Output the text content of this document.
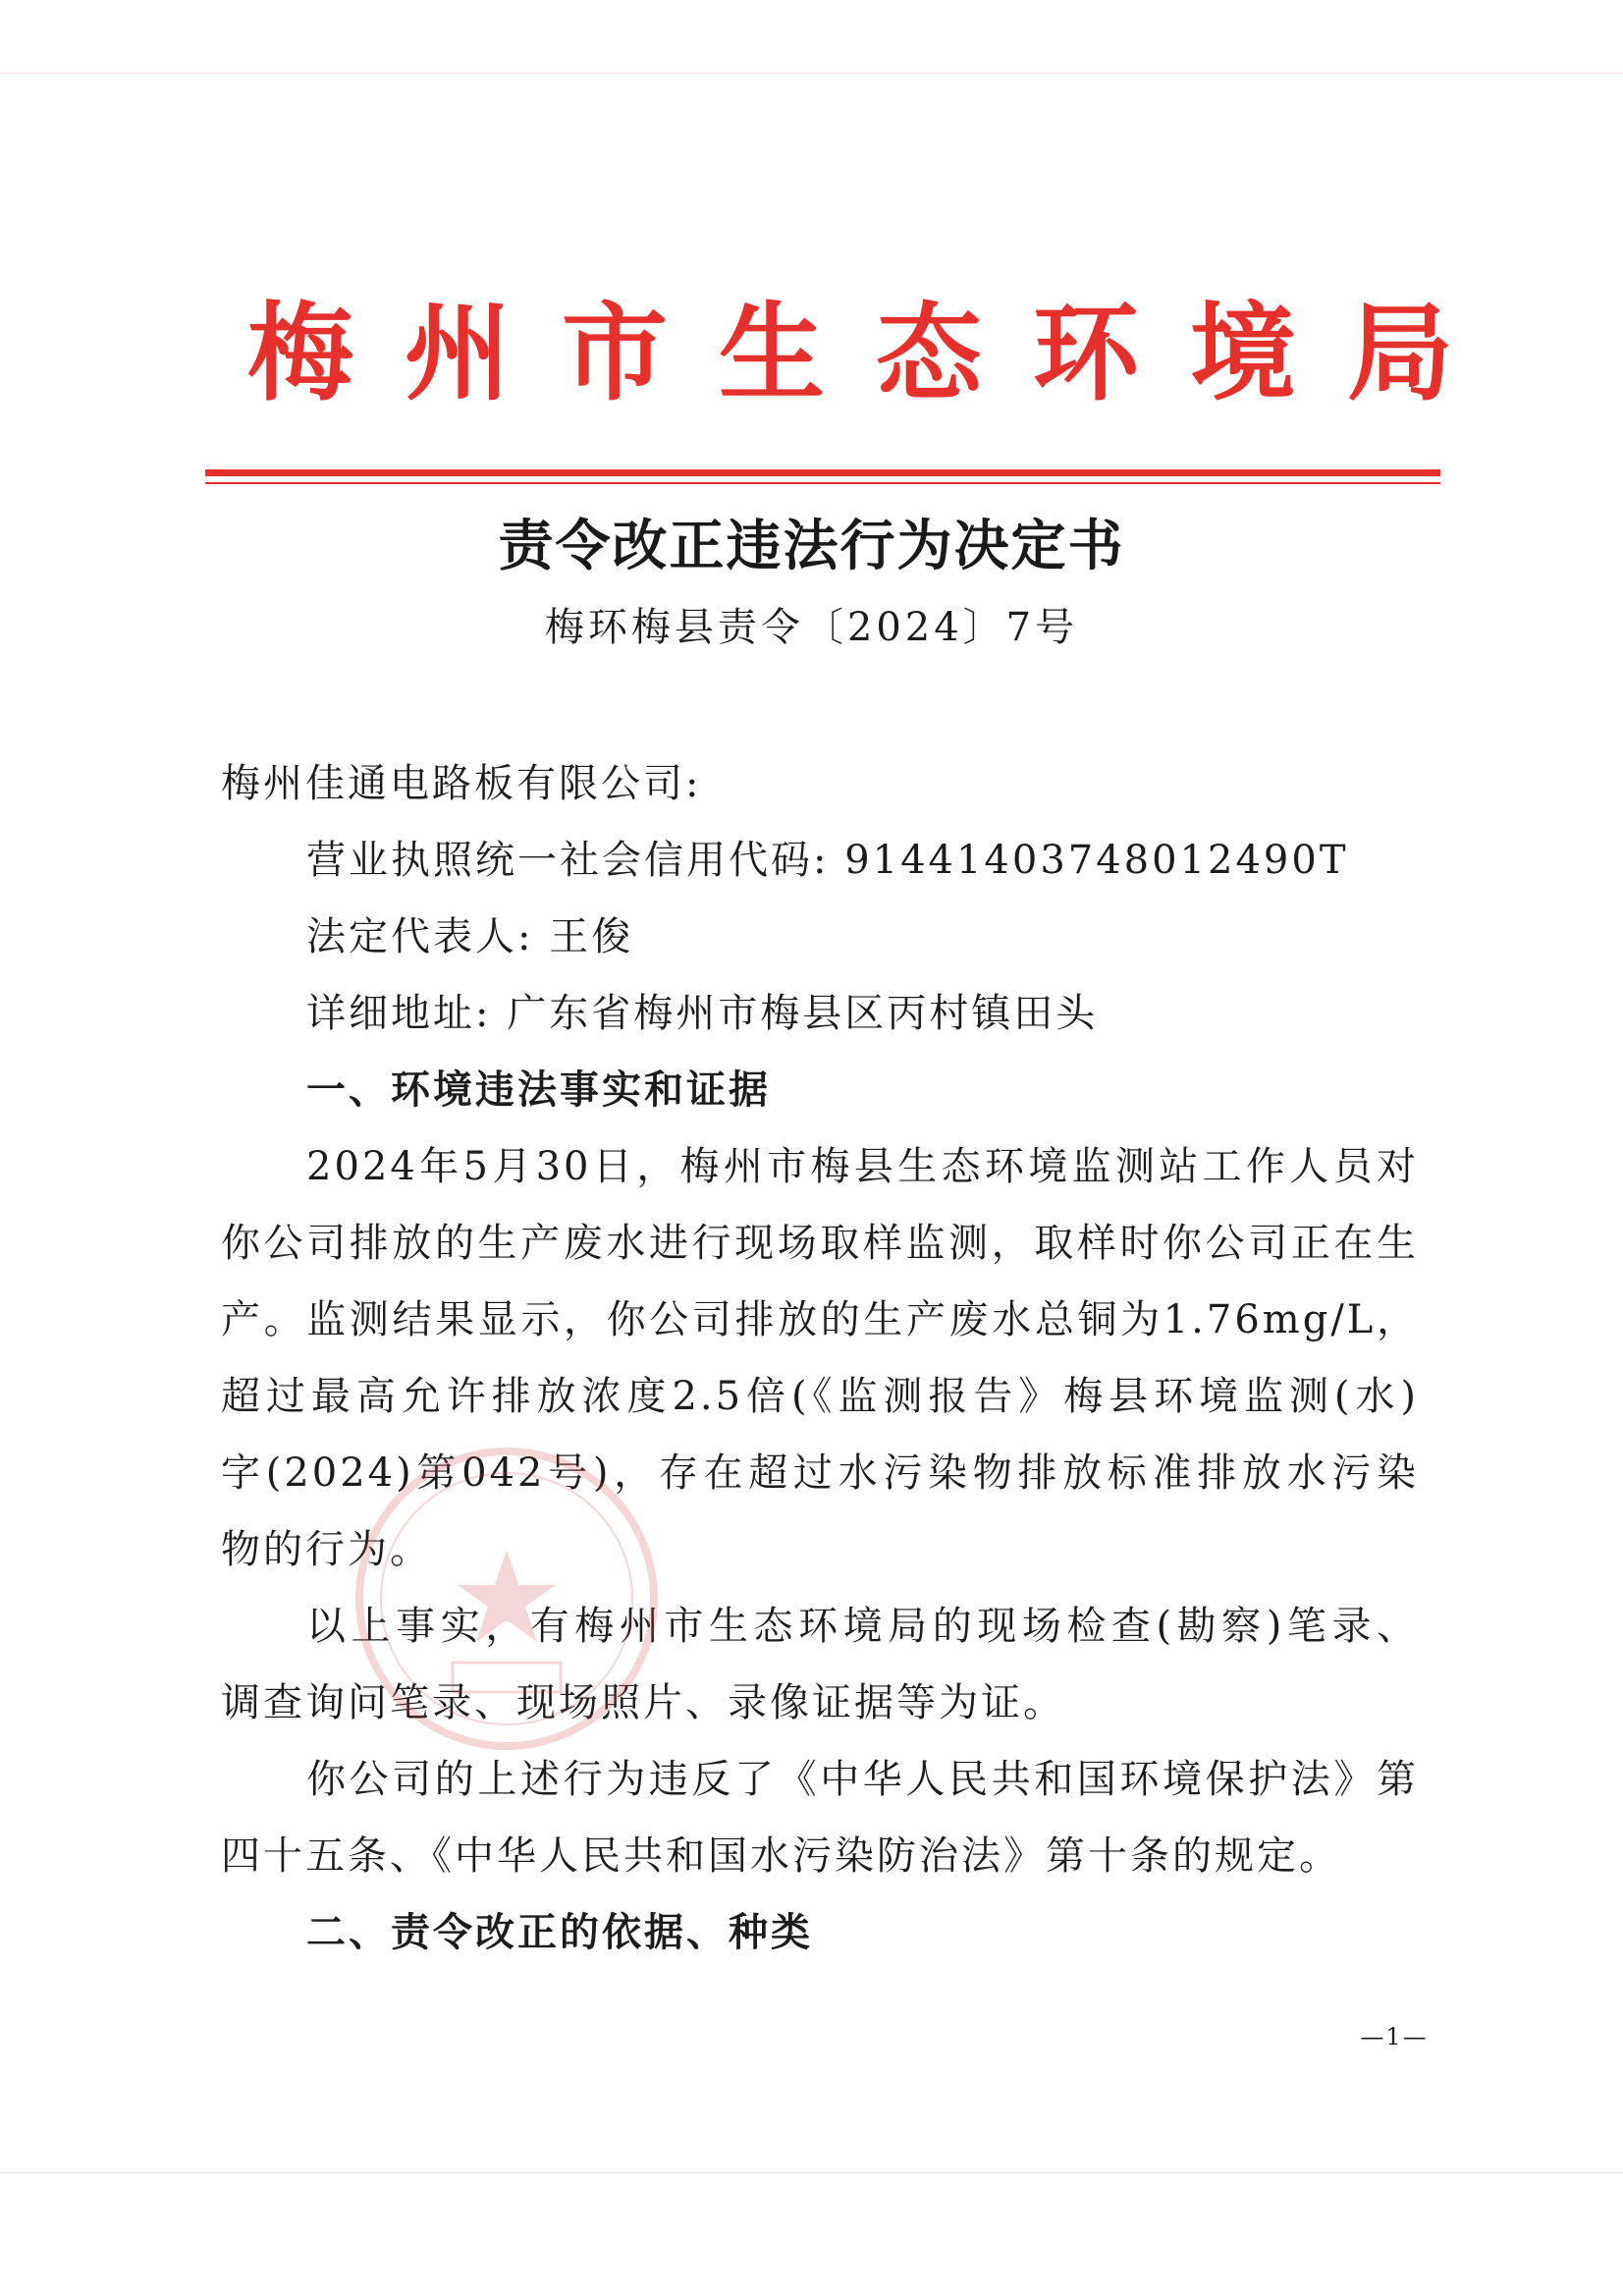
梅州市生态环境局
责令改正违法行为决定书
梅环梅县责令〔2024〕7号
梅州佳通电路板有限公司:
营业执照统一社会信用代码: 91441403748012490T
法定代表人: 王俊
详细地址: 广东省梅州市梅县区丙村镇田头
一、环境违法事实和证据
2024年5月30日，梅州市梅县生态环境监测站工作人员对
你公司排放的生产废水进行现场取样监测，取样时你公司正在生
产。监测结果显示，你公司排放的生产废水总铜为1.76mg/L，
超过最高允许排放浓度2.5倍(《监测报告》梅县环境监测(水)
字(2024)第042号)，存在超过水污染物排放标准排放水污染
物的行为。
以上事实，有梅州市生态环境局的现场检查(勘察)笔录、
调查询问笔录、现场照片、录像证据等为证。
你公司的上述行为违反了《中华人民共和国环境保护法》第
四十五条、《中华人民共和国水污染防治法》第十条的规定。
二、责令改正的依据、种类
—1—
